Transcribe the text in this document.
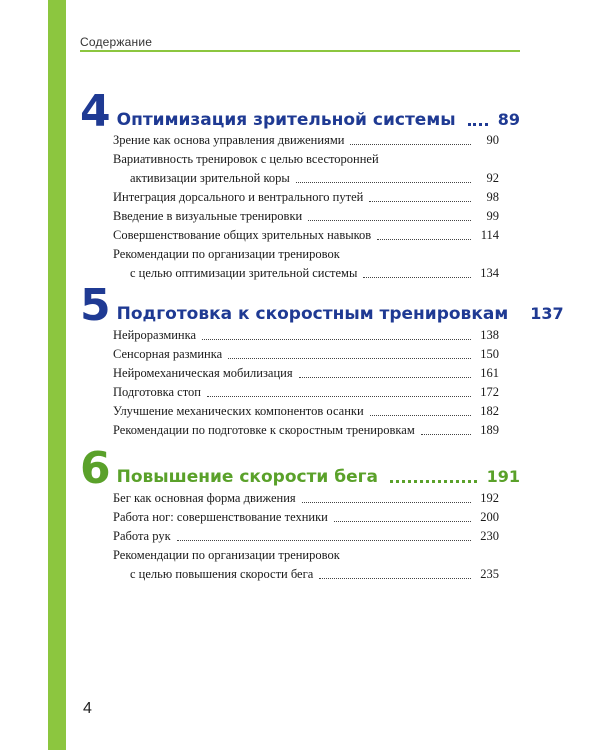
Содержание
4 Оптимизация зрительной системы	89
Зрение как основа управления движениями	90
Вариативность тренировок с целью всесторонней
активизации зрительной коры	92
Интеграция дорсального и вентрального путей	98
Введение в визуальные тренировки	99
Совершенствование общих зрительных навыков	114
Рекомендации по организации тренировок
с целью оптимизации зрительной системы	134
5 Подготовка к скоростным тренировкам 137
Нейроразминка	138
Сенсорная разминка	150
Нейромеханическая мобилизация	161
Подготовка стоп	172
Улучшение механических компонентов осанки	182
Рекомендации по подготовке к скоростным тренировкам	189
6 Повышение скорости бега	191
Бег как основная форма движения	192
Работа ног: совершенствование техники	200
Работа рук	230
Рекомендации по организации тренировок
с целью повышения скорости бега	235
4
